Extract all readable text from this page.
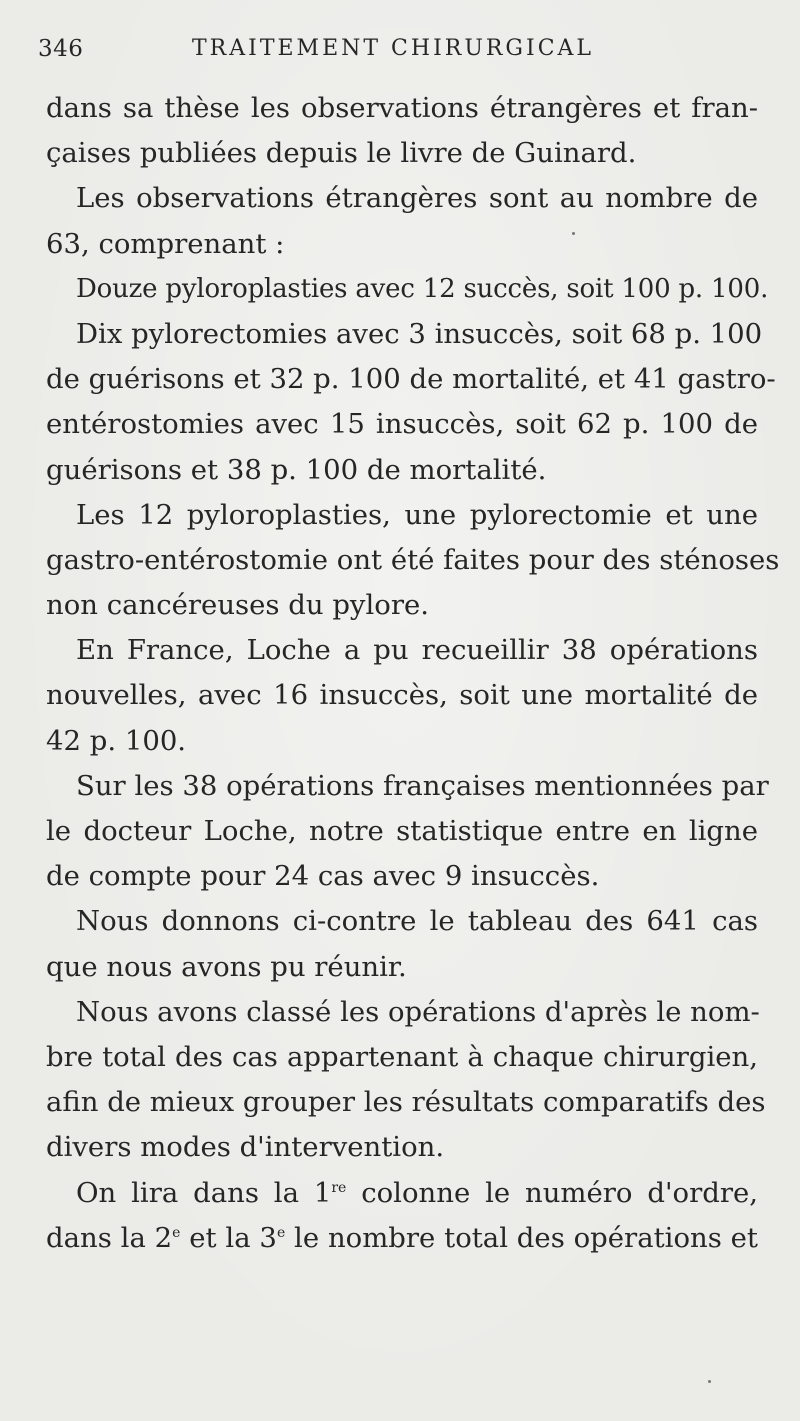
346	TRAITEMENT CHIRURGICAL
dans sa thèse les observations étrangères et fran-
çaises publiées depuis le livre de Guinard.
Les observations étrangères sont au nombre de
63, comprenant :
Douze pyloroplasties avec 12 succès, soit 100 p. 100.
Dix pylorectomies avec 3 insuccès, soit 68 p. 100
de guérisons et 32 p. 100 de mortalité, et 41 gastro-
entérostomies avec 15 insuccès, soit 62 p. 100 de
guérisons et 38 p. 100 de mortalité.
Les 12 pyloroplasties, une pylorectomie et une
gastro-entérostomie ont été faites pour des sténoses
non cancéreuses du pylore.
En France, Loche a pu recueillir 38 opérations
nouvelles, avec 16 insuccès, soit une mortalité de
42 p. 100.
Sur les 38 opérations françaises mentionnées par
le docteur Loche, notre statistique entre en ligne
de compte pour 24 cas avec 9 insuccès.
Nous donnons ci-contre le tableau des 641 cas
que nous avons pu réunir.
Nous avons classé les opérations d'après le nom-
bre total des cas appartenant à chaque chirurgien,
afin de mieux grouper les résultats comparatifs des
divers modes d'intervention.
On lira dans la 1re colonne le numéro d'ordre,
dans la 2e et la 3e le nombre total des opérations et
